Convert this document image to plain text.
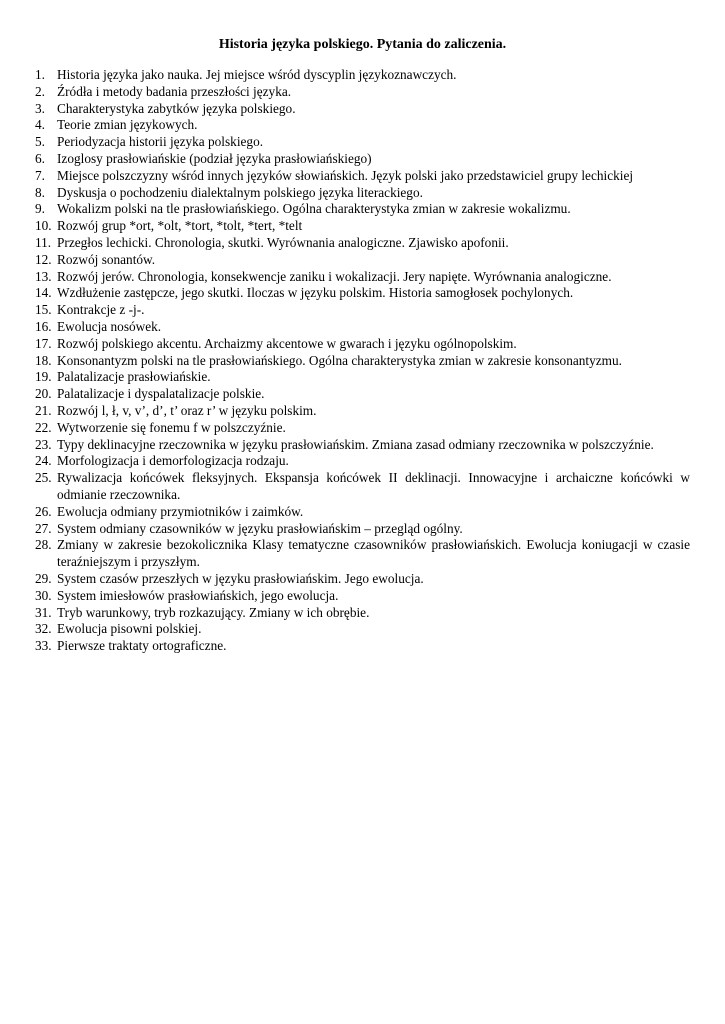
Historia języka polskiego. Pytania do zaliczenia.
1. Historia języka jako nauka. Jej miejsce wśród dyscyplin językoznawczych.
2. Źródła i metody badania przeszłości języka.
3. Charakterystyka zabytków języka polskiego.
4. Teorie zmian językowych.
5. Periodyzacja historii języka polskiego.
6. Izoglosy prasłowiańskie (podział języka prasłowiańskiego)
7. Miejsce polszczyzny wśród innych języków słowiańskich. Język polski jako przedstawiciel grupy lechickiej
8. Dyskusja o pochodzeniu dialektalnym polskiego języka literackiego.
9. Wokalizm polski na tle prasłowiańskiego. Ogólna charakterystyka zmian w zakresie wokalizmu.
10. Rozwój grup *ort, *olt, *tort, *tolt, *tert, *telt
11. Przegłos lechicki. Chronologia, skutki. Wyrównania analogiczne. Zjawisko apofonii.
12. Rozwój sonantów.
13. Rozwój jerów. Chronologia, konsekwencje zaniku i wokalizacji. Jery napięte. Wyrównania analogiczne.
14. Wzdłużenie zastępcze, jego skutki. Iloczas w języku polskim. Historia samogłosek pochylonych.
15. Kontrakcje z -j-.
16. Ewolucja nosówek.
17. Rozwój polskiego akcentu. Archaizmy akcentowe w gwarach i języku ogólnopolskim.
18. Konsonantyzm polski na tle prasłowiańskiego. Ogólna charakterystyka zmian w zakresie konsonantyzmu.
19. Palatalizacje prasłowiańskie.
20. Palatalizacje i dyspalatalizacje polskie.
21. Rozwój l, ł, v, v’, d’, t’ oraz r’ w języku polskim.
22. Wytworzenie się fonemu f w polszczyźnie.
23. Typy deklinacyjne rzeczownika w języku prasłowiańskim. Zmiana zasad odmiany rzeczownika w polszczyźnie.
24. Morfologizacja i demorfologizacja rodzaju.
25. Rywalizacja końcówek fleksyjnych. Ekspansja końcówek II deklinacji. Innowacyjne i archaiczne końcówki w odmianie rzeczownika.
26. Ewolucja odmiany przymiotników i zaimków.
27. System odmiany czasowników w języku prasłowiańskim – przegląd ogólny.
28. Zmiany w zakresie bezokolicznika Klasy tematyczne czasowników prasłowiańskich. Ewolucja koniugacji w czasie teraźniejszym i przyszłym.
29. System czasów przeszłych w języku prasłowiańskim. Jego ewolucja.
30. System imiesłowów prasłowiańskich, jego ewolucja.
31. Tryb warunkowy, tryb rozkazujący. Zmiany w ich obrębie.
32. Ewolucja pisowni polskiej.
33. Pierwsze traktaty ortograficzne.
